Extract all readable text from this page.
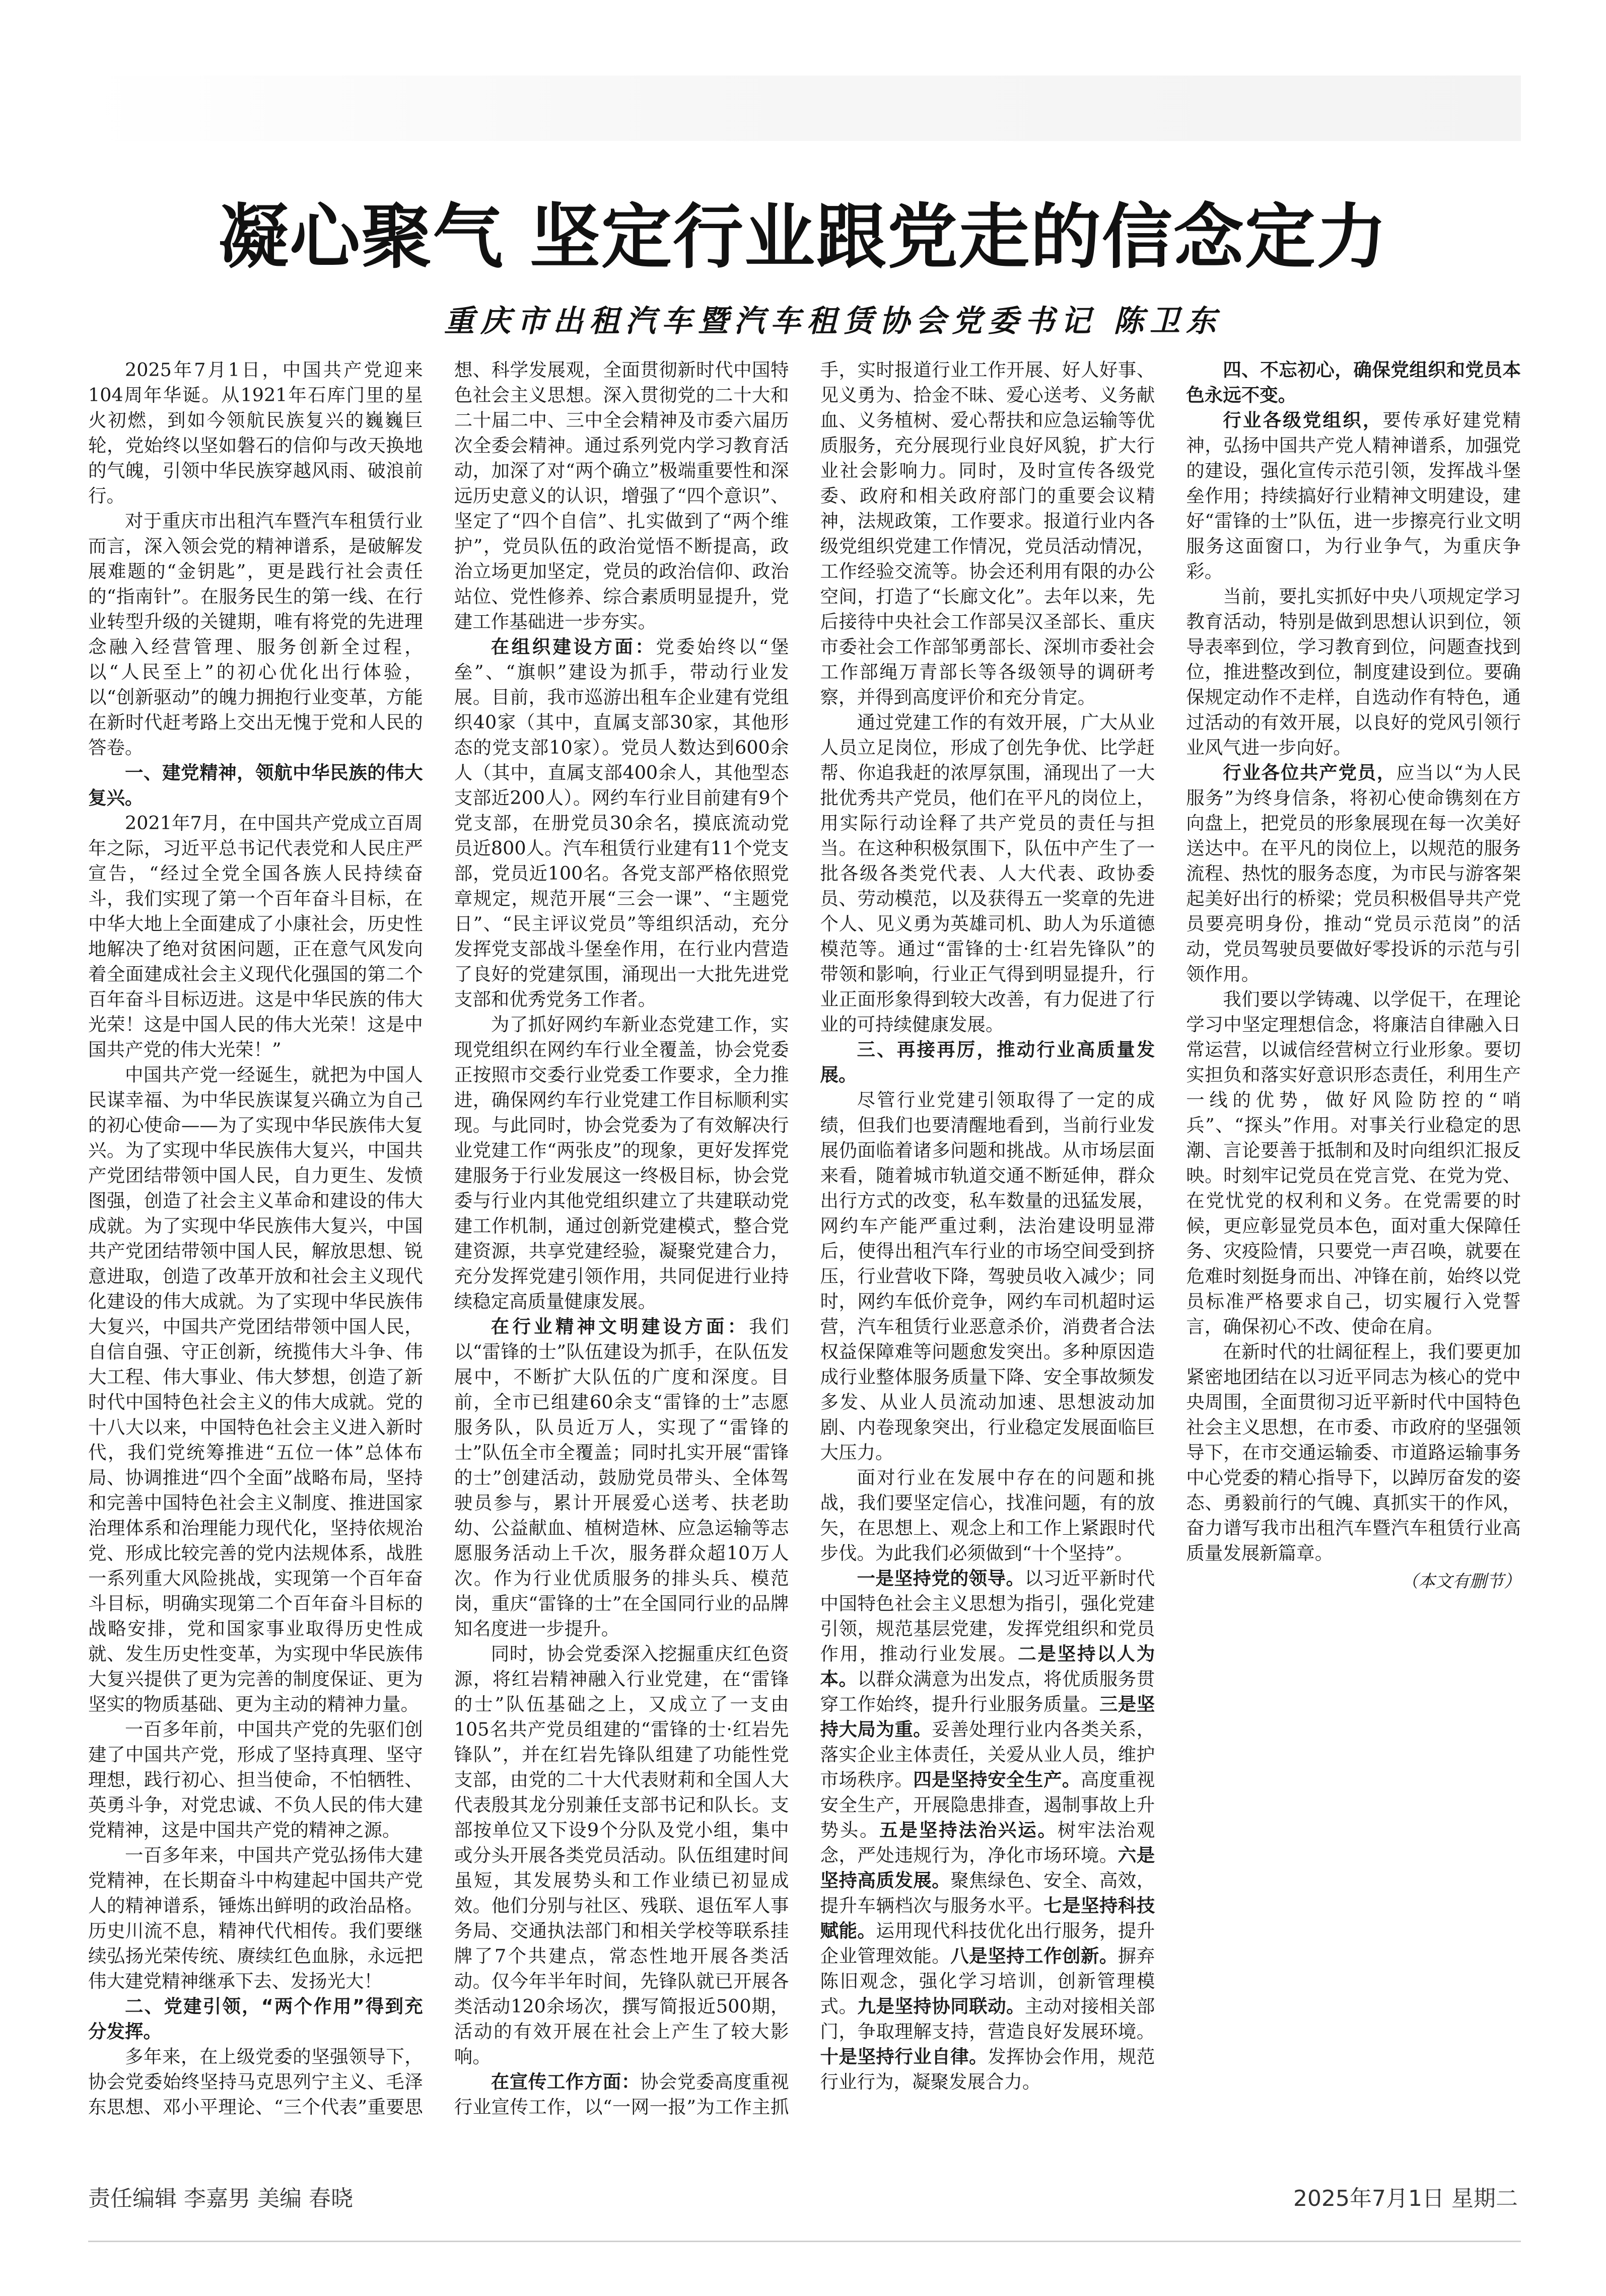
凝心聚气 坚定行业跟党走的信念定力
重庆市出租汽车暨汽车租赁协会党委书记 陈卫东

2025年7月1日，中国共产党迎来104周年华诞。从1921年石库门里的星火初燃，到如今领航民族复兴的巍巍巨轮，党始终以坚如磐石的信仰与改天换地的气魄，引领中华民族穿越风雨、破浪前行。

对于重庆市出租汽车暨汽车租赁行业而言，深入领会党的精神谱系，是破解发展难题的“金钥匙”，更是践行社会责任的“指南针”。在服务民生的第一线、在行业转型升级的关键期，唯有将党的先进理念融入经营管理、服务创新全过程，以“人民至上”的初心优化出行体验，以“创新驱动”的魄力拥抱行业变革，方能在新时代赶考路上交出无愧于党和人民的答卷。

一、建党精神，领航中华民族的伟大复兴。

2021年7月，在中国共产党成立百周年之际，习近平总书记代表党和人民庄严宣告，“经过全党全国各族人民持续奋斗，我们实现了第一个百年奋斗目标，在中华大地上全面建成了小康社会，历史性地解决了绝对贫困问题，正在意气风发向着全面建成社会主义现代化强国的第二个百年奋斗目标迈进。这是中华民族的伟大光荣！这是中国人民的伟大光荣！这是中国共产党的伟大光荣！”

中国共产党一经诞生，就把为中国人民谋幸福、为中华民族谋复兴确立为自己的初心使命——为了实现中华民族伟大复兴。为了实现中华民族伟大复兴，中国共产党团结带领中国人民，自力更生、发愤图强，创造了社会主义革命和建设的伟大成就。为了实现中华民族伟大复兴，中国共产党团结带领中国人民，解放思想、锐意进取，创造了改革开放和社会主义现代化建设的伟大成就。为了实现中华民族伟大复兴，中国共产党团结带领中国人民，自信自强、守正创新，统揽伟大斗争、伟大工程、伟大事业、伟大梦想，创造了新时代中国特色社会主义的伟大成就。党的十八大以来，中国特色社会主义进入新时代，我们党统筹推进“五位一体”总体布局、协调推进“四个全面”战略布局，坚持和完善中国特色社会主义制度、推进国家治理体系和治理能力现代化，坚持依规治党、形成比较完善的党内法规体系，战胜一系列重大风险挑战，实现第一个百年奋斗目标，明确实现第二个百年奋斗目标的战略安排，党和国家事业取得历史性成就、发生历史性变革，为实现中华民族伟大复兴提供了更为完善的制度保证、更为坚实的物质基础、更为主动的精神力量。

一百多年前，中国共产党的先驱们创建了中国共产党，形成了坚持真理、坚守理想，践行初心、担当使命，不怕牺牲、英勇斗争，对党忠诚、不负人民的伟大建党精神，这是中国共产党的精神之源。

一百多年来，中国共产党弘扬伟大建党精神，在长期奋斗中构建起中国共产党人的精神谱系，锤炼出鲜明的政治品格。历史川流不息，精神代代相传。我们要继续弘扬光荣传统、赓续红色血脉，永远把伟大建党精神继承下去、发扬光大！

二、党建引领，“两个作用”得到充分发挥。

多年来，在上级党委的坚强领导下，协会党委始终坚持马克思列宁主义、毛泽东思想、邓小平理论、“三个代表”重要思想、科学发展观，全面贯彻新时代中国特色社会主义思想。深入贯彻党的二十大和二十届二中、三中全会精神及市委六届历次全委会精神。通过系列党内学习教育活动，加深了对“两个确立”极端重要性和深远历史意义的认识，增强了“四个意识”、坚定了“四个自信”、扎实做到了“两个维护”，党员队伍的政治觉悟不断提高，政治立场更加坚定，党员的政治信仰、政治站位、党性修养、综合素质明显提升，党建工作基础进一步夯实。

在组织建设方面：党委始终以“堡垒”、“旗帜”建设为抓手，带动行业发展。目前，我市巡游出租车企业建有党组织40家（其中，直属支部30家，其他形态的党支部10家）。党员人数达到600余人（其中，直属支部400余人，其他型态支部近200人）。网约车行业目前建有9个党支部，在册党员30余名，摸底流动党员近800人。汽车租赁行业建有11个党支部，党员近100名。各党支部严格依照党章规定，规范开展“三会一课”、“主题党日”、“民主评议党员”等组织活动，充分发挥党支部战斗堡垒作用，在行业内营造了良好的党建氛围，涌现出一大批先进党支部和优秀党务工作者。

为了抓好网约车新业态党建工作，实现党组织在网约车行业全覆盖，协会党委正按照市交委行业党委工作要求，全力推进，确保网约车行业党建工作目标顺利实现。与此同时，协会党委为了有效解决行业党建工作“两张皮”的现象，更好发挥党建服务于行业发展这一终极目标，协会党委与行业内其他党组织建立了共建联动党建工作机制，通过创新党建模式，整合党建资源，共享党建经验，凝聚党建合力，充分发挥党建引领作用，共同促进行业持续稳定高质量健康发展。

在行业精神文明建设方面：我们以“雷锋的士”队伍建设为抓手，在队伍发展中，不断扩大队伍的广度和深度。目前，全市已组建60余支“雷锋的士”志愿服务队，队员近万人，实现了“雷锋的士”队伍全市全覆盖；同时扎实开展“雷锋的士”创建活动，鼓励党员带头、全体驾驶员参与，累计开展爱心送考、扶老助幼、公益献血、植树造林、应急运输等志愿服务活动上千次，服务群众超10万人次。作为行业优质服务的排头兵、模范岗，重庆“雷锋的士”在全国同行业的品牌知名度进一步提升。

同时，协会党委深入挖掘重庆红色资源，将红岩精神融入行业党建，在“雷锋的士”队伍基础之上，又成立了一支由105名共产党员组建的“雷锋的士·红岩先锋队”，并在红岩先锋队组建了功能性党支部，由党的二十大代表财莉和全国人大代表殷其龙分别兼任支部书记和队长。支部按单位又下设9个分队及党小组，集中或分头开展各类党员活动。队伍组建时间虽短，其发展势头和工作业绩已初显成效。他们分别与社区、残联、退伍军人事务局、交通执法部门和相关学校等联系挂牌了7个共建点，常态性地开展各类活动。仅今年半年时间，先锋队就已开展各类活动120余场次，撰写简报近500期，活动的有效开展在社会上产生了较大影响。

在宣传工作方面：协会党委高度重视行业宣传工作，以“一网一报”为工作主抓手，实时报道行业工作开展、好人好事、见义勇为、拾金不昧、爱心送考、义务献血、义务植树、爱心帮扶和应急运输等优质服务，充分展现行业良好风貌，扩大行业社会影响力。同时，及时宣传各级党委、政府和相关政府部门的重要会议精神，法规政策，工作要求。报道行业内各级党组织党建工作情况，党员活动情况，工作经验交流等。协会还利用有限的办公空间，打造了“长廊文化”。去年以来，先后接待中央社会工作部吴汉圣部长、重庆市委社会工作部邹勇部长、深圳市委社会工作部绳万青部长等各级领导的调研考察，并得到高度评价和充分肯定。

通过党建工作的有效开展，广大从业人员立足岗位，形成了创先争优、比学赶帮、你追我赶的浓厚氛围，涌现出了一大批优秀共产党员，他们在平凡的岗位上，用实际行动诠释了共产党员的责任与担当。在这种积极氛围下，队伍中产生了一批各级各类党代表、人大代表、政协委员、劳动模范，以及获得五一奖章的先进个人、见义勇为英雄司机、助人为乐道德模范等。通过“雷锋的士·红岩先锋队”的带领和影响，行业正气得到明显提升，行业正面形象得到较大改善，有力促进了行业的可持续健康发展。

三、再接再厉，推动行业高质量发展。

尽管行业党建引领取得了一定的成绩，但我们也要清醒地看到，当前行业发展仍面临着诸多问题和挑战。从市场层面来看，随着城市轨道交通不断延伸，群众出行方式的改变，私车数量的迅猛发展，网约车产能严重过剩，法治建设明显滞后，使得出租汽车行业的市场空间受到挤压，行业营收下降，驾驶员收入减少；同时，网约车低价竞争，网约车司机超时运营，汽车租赁行业恶意杀价，消费者合法权益保障难等问题愈发突出。多种原因造成行业整体服务质量下降、安全事故频发多发、从业人员流动加速、思想波动加剧、内卷现象突出，行业稳定发展面临巨大压力。

面对行业在发展中存在的问题和挑战，我们要坚定信心，找准问题，有的放矢，在思想上、观念上和工作上紧跟时代步伐。为此我们必须做到“十个坚持”。

一是坚持党的领导。以习近平新时代中国特色社会主义思想为指引，强化党建引领，规范基层党建，发挥党组织和党员作用，推动行业发展。二是坚持以人为本。以群众满意为出发点，将优质服务贯穿工作始终，提升行业服务质量。三是坚持大局为重。妥善处理行业内各类关系，落实企业主体责任，关爱从业人员，维护市场秩序。四是坚持安全生产。高度重视安全生产，开展隐患排查，遏制事故上升势头。五是坚持法治兴运。树牢法治观念，严处违规行为，净化市场环境。六是坚持高质发展。聚焦绿色、安全、高效，提升车辆档次与服务水平。七是坚持科技赋能。运用现代科技优化出行服务，提升企业管理效能。八是坚持工作创新。摒弃陈旧观念，强化学习培训，创新管理模式。九是坚持协同联动。主动对接相关部门，争取理解支持，营造良好发展环境。十是坚持行业自律。发挥协会作用，规范行业行为，凝聚发展合力。

四、不忘初心，确保党组织和党员本色永远不变。

行业各级党组织，要传承好建党精神，弘扬中国共产党人精神谱系，加强党的建设，强化宣传示范引领，发挥战斗堡垒作用；持续搞好行业精神文明建设，建好“雷锋的士”队伍，进一步擦亮行业文明服务这面窗口，为行业争气，为重庆争彩。

当前，要扎实抓好中央八项规定学习教育活动，特别是做到思想认识到位，领导表率到位，学习教育到位，问题查找到位，推进整改到位，制度建设到位。要确保规定动作不走样，自选动作有特色，通过活动的有效开展，以良好的党风引领行业风气进一步向好。

行业各位共产党员，应当以“为人民服务”为终身信条，将初心使命镌刻在方向盘上，把党员的形象展现在每一次美好送达中。在平凡的岗位上，以规范的服务流程、热忱的服务态度，为市民与游客架起美好出行的桥梁；党员积极倡导共产党员要亮明身份，推动“党员示范岗”的活动，党员驾驶员要做好零投诉的示范与引领作用。

我们要以学铸魂、以学促干，在理论学习中坚定理想信念，将廉洁自律融入日常运营，以诚信经营树立行业形象。要切实担负和落实好意识形态责任，利用生产一线的优势，做好风险防控的“哨兵”、“探头”作用。对事关行业稳定的思潮、言论要善于抵制和及时向组织汇报反映。时刻牢记党员在党言党、在党为党、在党忧党的权利和义务。在党需要的时候，更应彰显党员本色，面对重大保障任务、灾疫险情，只要党一声召唤，就要在危难时刻挺身而出、冲锋在前，始终以党员标准严格要求自己，切实履行入党誓言，确保初心不改、使命在肩。

在新时代的壮阔征程上，我们要更加紧密地团结在以习近平同志为核心的党中央周围，全面贯彻习近平新时代中国特色社会主义思想，在市委、市政府的坚强领导下，在市交通运输委、市道路运输事务中心党委的精心指导下，以踔厉奋发的姿态、勇毅前行的气魄、真抓实干的作风，奋力谱写我市出租汽车暨汽车租赁行业高质量发展新篇章。

（本文有删节）

责任编辑 李嘉男 美编 春晓	2025年7月1日 星期二
